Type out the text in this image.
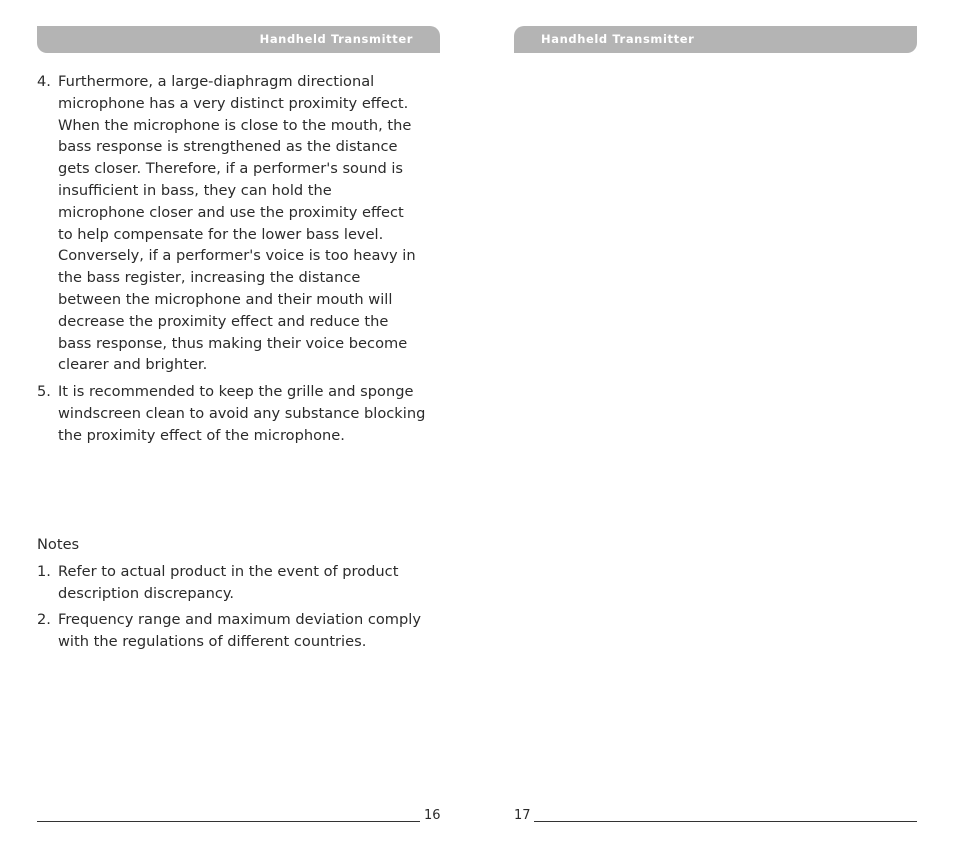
Handheld Transmitter
4. Furthermore, a large-diaphragm directional
microphone has a very distinct proximity effect.
When the microphone is close to the mouth, the
bass response is strengthened as the distance
gets closer. Therefore, if a performer's sound is
insufficient in bass, they can hold the
microphone closer and use the proximity effect
to help compensate for the lower bass level.
Conversely, if a performer's voice is too heavy in
the bass register, increasing the distance
between the microphone and their mouth will
decrease the proximity effect and reduce the
bass response, thus making their voice become
clearer and brighter.
5. It is recommended to keep the grille and sponge
windscreen clean to avoid any substance blocking
the proximity effect of the microphone.
Notes
1. Refer to actual product in the event of product
description discrepancy.
2. Frequency range and maximum deviation comply
with the regulations of different countries.
16
Handheld Transmitter
17
